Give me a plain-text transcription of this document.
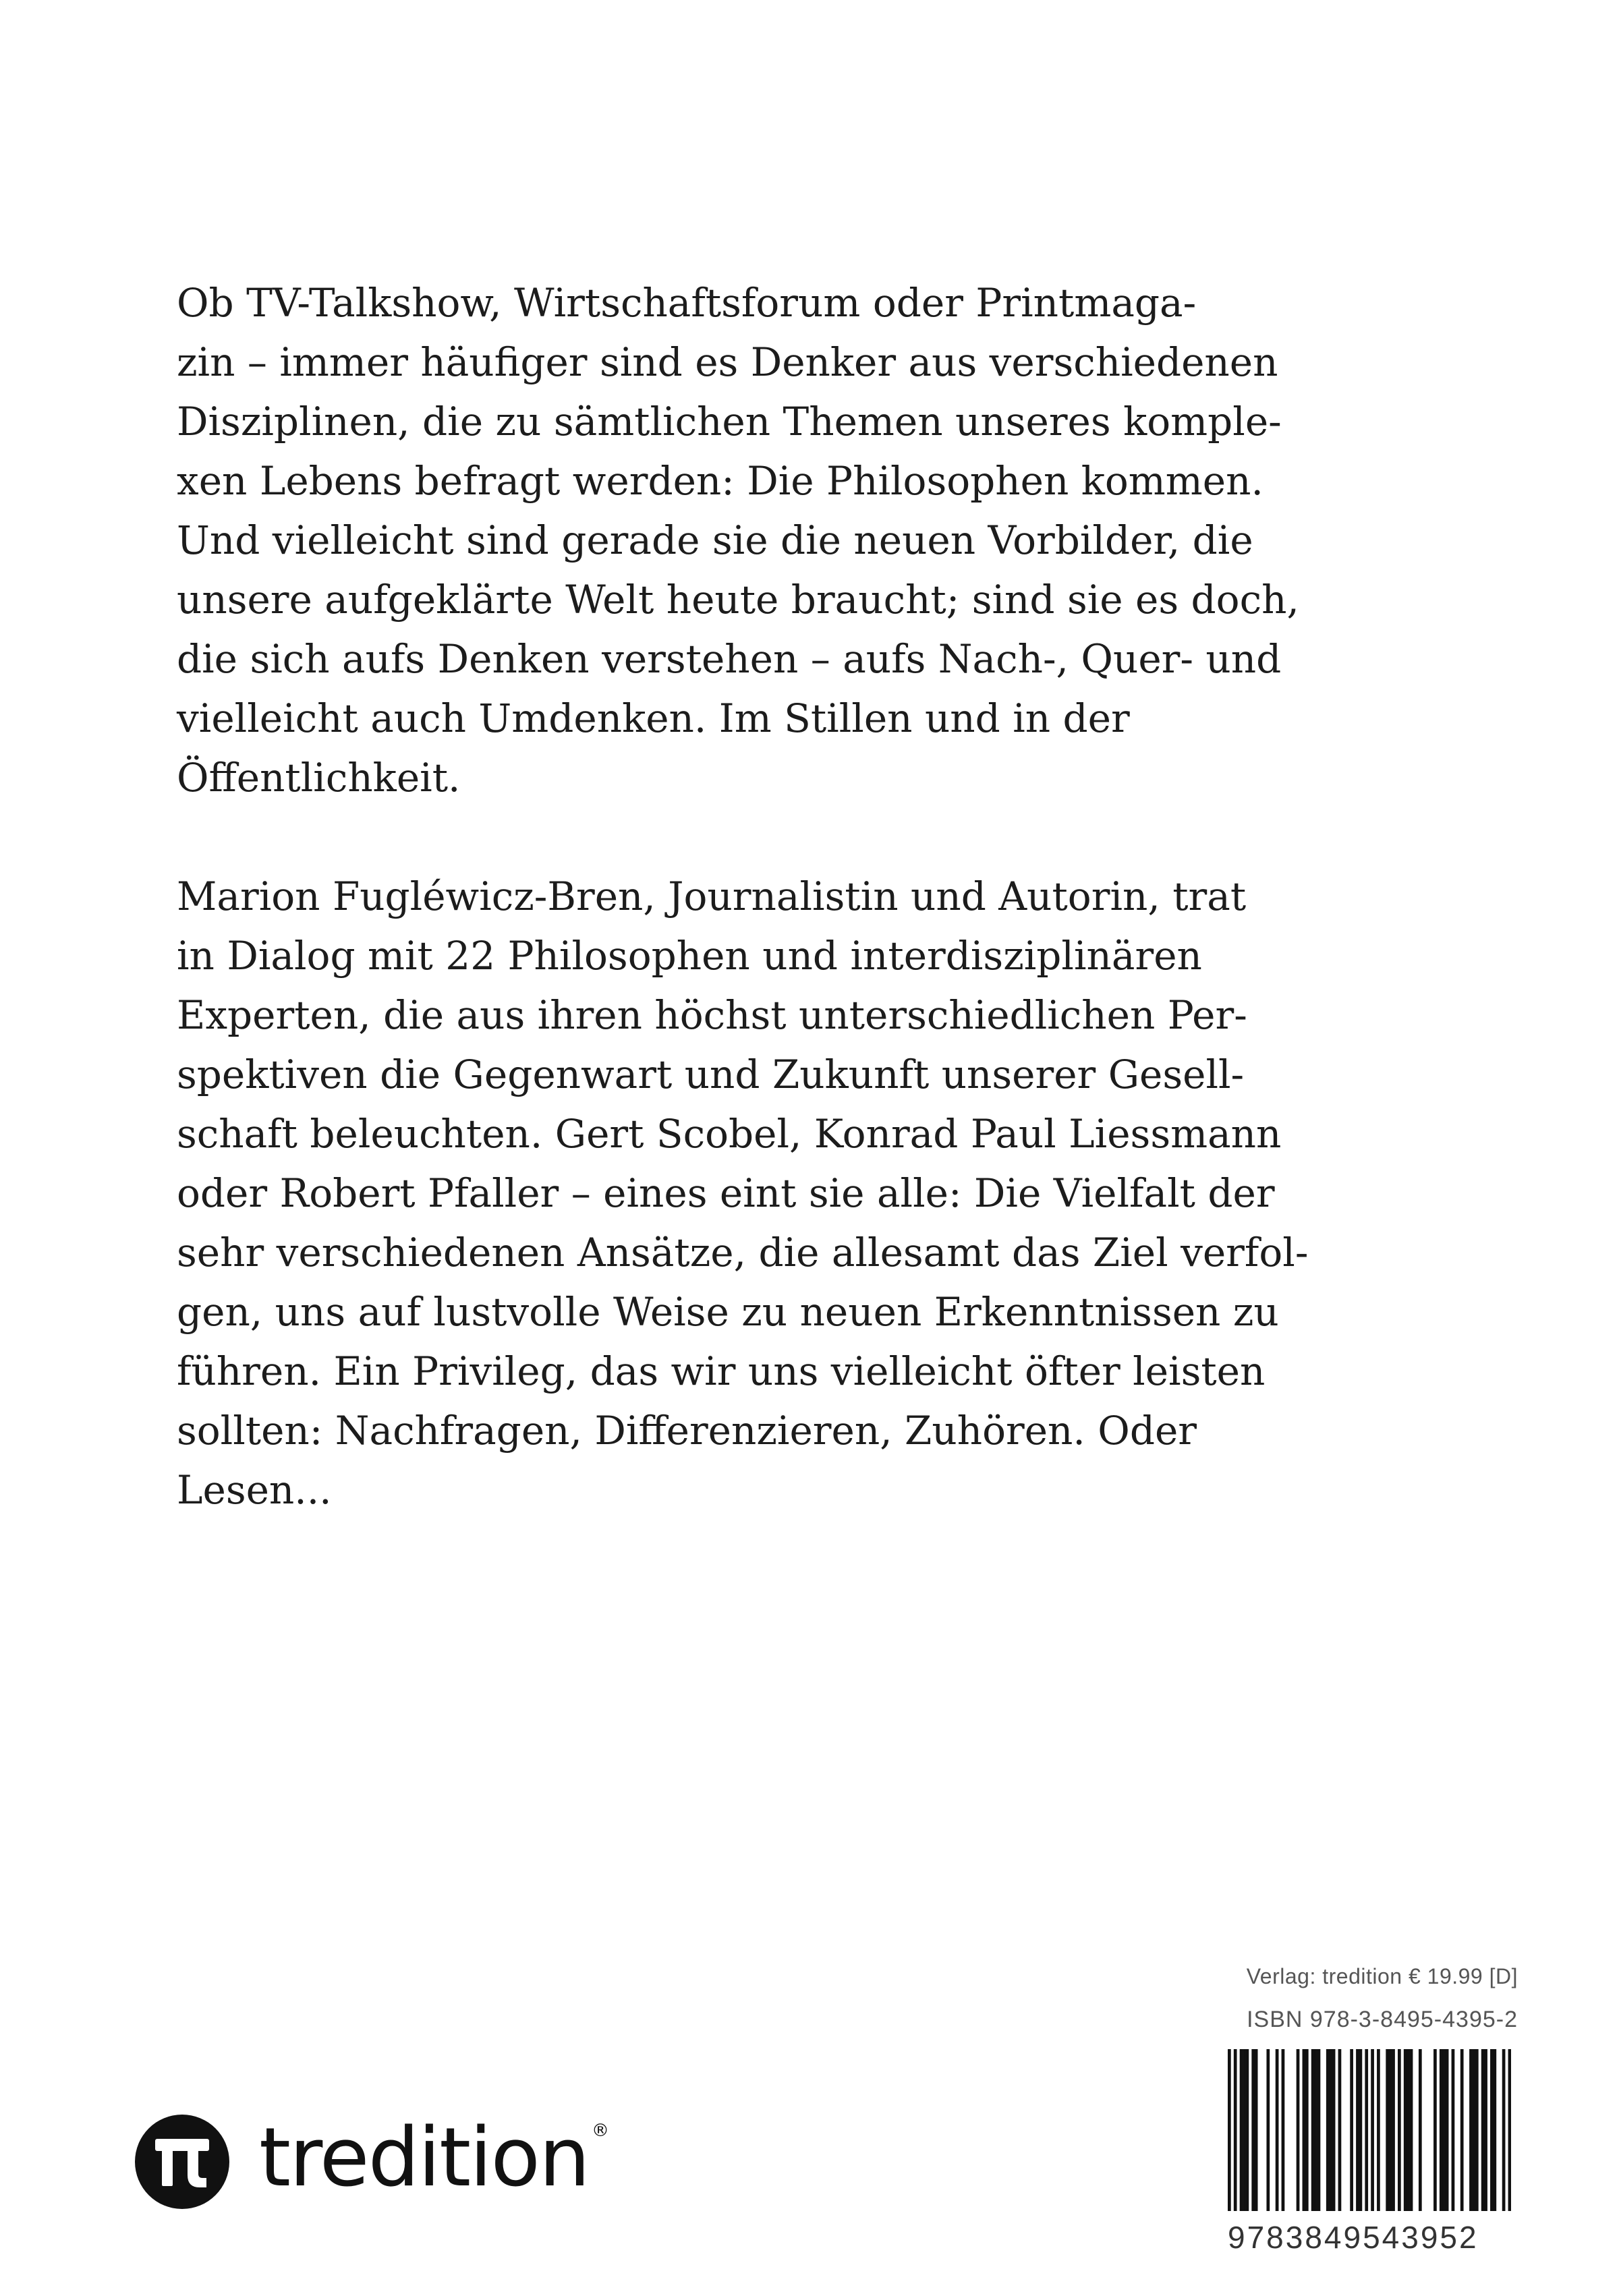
Ob TV-Talkshow, Wirtschaftsforum oder Printmaga-
zin – immer häufiger sind es Denker aus verschiedenen
Disziplinen, die zu sämtlichen Themen unseres komple-
xen Lebens befragt werden: Die Philosophen kommen.
Und vielleicht sind gerade sie die neuen Vorbilder, die
unsere aufgeklärte Welt heute braucht; sind sie es doch,
die sich aufs Denken verstehen – aufs Nach-, Quer- und
vielleicht auch Umdenken. Im Stillen und in der
Öffentlichkeit.
Marion Fugléwicz-Bren, Journalistin und Autorin, trat
in Dialog mit 22 Philosophen und interdisziplinären
Experten, die aus ihren höchst unterschiedlichen Per-
spektiven die Gegenwart und Zukunft unserer Gesell-
schaft beleuchten. Gert Scobel, Konrad Paul Liessmann
oder Robert Pfaller – eines eint sie alle: Die Vielfalt der
sehr verschiedenen Ansätze, die allesamt das Ziel verfol-
gen, uns auf lustvolle Weise zu neuen Erkenntnissen zu
führen. Ein Privileg, das wir uns vielleicht öfter leisten
sollten: Nachfragen, Differenzieren, Zuhören. Oder
Lesen...
tredition ®
Verlag: tredition € 19.99 [D]
ISBN 978-3-8495-4395-2
9783849543952
